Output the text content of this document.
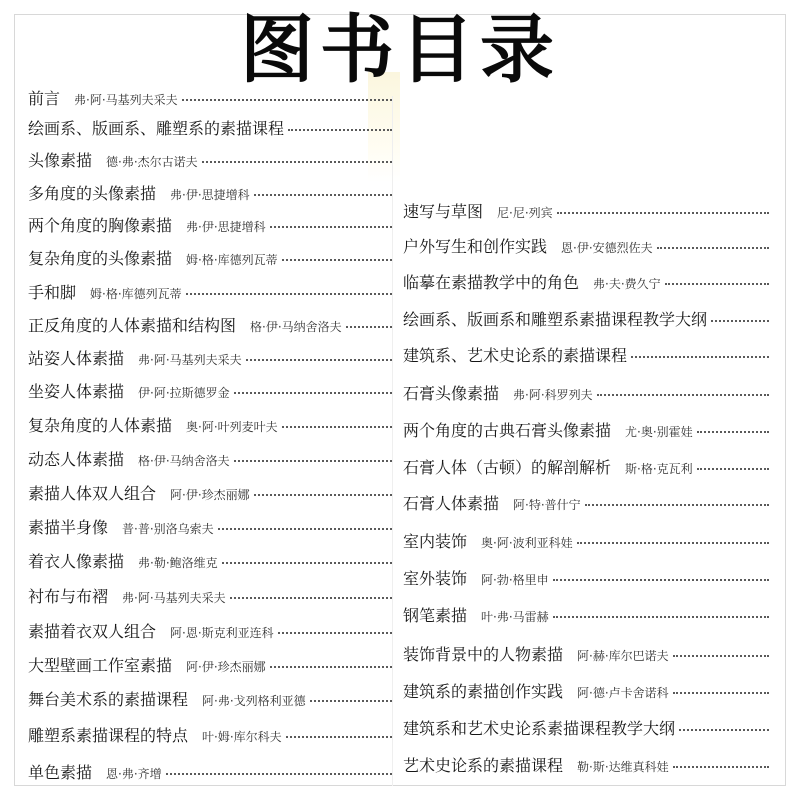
图书目录
前言 弗·阿·马基列夫采夫
绘画系、版画系、雕塑系的素描课程
头像素描 德·弗·杰尔古诺夫
多角度的头像素描 弗·伊·思捷增科
两个角度的胸像素描 弗·伊·思捷增科
复杂角度的头像素描 姆·格·库德列瓦蒂
手和脚 姆·格·库德列瓦蒂
正反角度的人体素描和结构图 格·伊·马纳舍洛夫
站姿人体素描 弗·阿·马基列夫采夫
坐姿人体素描 伊·阿·拉斯德罗金
复杂角度的人体素描 奥·阿·叶列麦叶夫
动态人体素描 格·伊·马纳舍洛夫
素描人体双人组合 阿·伊·珍杰丽娜
素描半身像 普·普·别洛乌索夫
着衣人像素描 弗·勒·鲍洛维克
衬布与布褶 弗·阿·马基列夫采夫
素描着衣双人组合 阿·恩·斯克利亚连科
大型壁画工作室素描 阿·伊·珍杰丽娜
舞台美术系的素描课程 阿·弗·戈列格利亚德
雕塑系素描课程的特点 叶·姆·库尔科夫
单色素描 恩·弗·齐增
速写与草图 尼·尼·列宾
户外写生和创作实践 恩·伊·安德烈佐夫
临摹在素描教学中的角色 弗·夫·费久宁
绘画系、版画系和雕塑系素描课程教学大纲
建筑系、艺术史论系的素描课程
石膏头像素描 弗·阿·科罗列夫
两个角度的古典石膏头像素描 尤·奥·别霍娃
石膏人体（古顿）的解剖解析 斯·格·克瓦利
石膏人体素描 阿·特·普什宁
室内装饰 奥·阿·波利亚科娃
室外装饰 阿·勃·格里申
钢笔素描 叶·弗·马雷赫
装饰背景中的人物素描 阿·赫·库尔巴诺夫
建筑系的素描创作实践 阿·德·卢卡舍诺科
建筑系和艺术史论系素描课程教学大纲
艺术史论系的素描课程 勒·斯·达维真科娃
